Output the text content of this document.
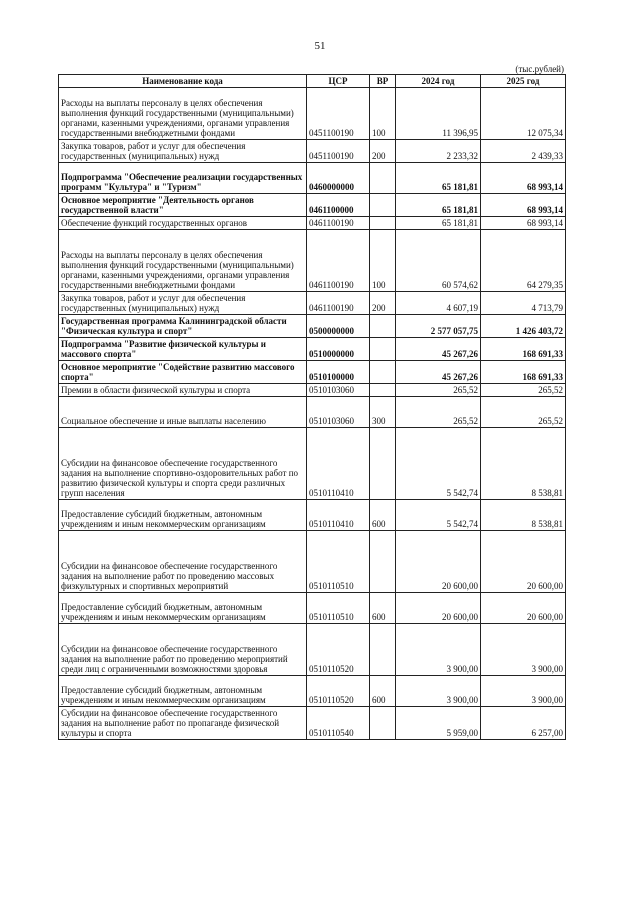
51
(тыс.рублей)
Наименование кода	ЦСР	ВР	2024 год	2025 год
Расходы на выплаты персоналу в целях обеспечения выполнения функций государственными (муниципальными) органами, казенными учреждениями, органами управления государственными внебюджетными фондами	0451100190	100	11 396,95	12 075,34
Закупка товаров, работ и услуг для обеспечения государственных (муниципальных) нужд	0451100190	200	2 233,32	2 439,33
Подпрограмма "Обеспечение реализации государственных программ "Культура" и "Туризм"	0460000000		65 181,81	68 993,14
Основное мероприятие "Деятельность органов государственной власти"	0461100000		65 181,81	68 993,14
Обеспечение функций государственных органов	0461100190		65 181,81	68 993,14
Расходы на выплаты персоналу в целях обеспечения выполнения функций государственными (муниципальными) органами, казенными учреждениями, органами управления государственными внебюджетными фондами	0461100190	100	60 574,62	64 279,35
Закупка товаров, работ и услуг для обеспечения государственных (муниципальных) нужд	0461100190	200	4 607,19	4 713,79
Государственная программа Калининградской области "Физическая культура и спорт"	0500000000		2 577 057,75	1 426 403,72
Подпрограмма "Развитие физической культуры и массового спорта"	0510000000		45 267,26	168 691,33
Основное мероприятие "Содействие развитию массового спорта"	0510100000		45 267,26	168 691,33
Премии в области физической культуры и спорта	0510103060		265,52	265,52
Социальное обеспечение и иные выплаты населению	0510103060	300	265,52	265,52
Субсидии на финансовое обеспечение государственного задания на выполнение спортивно-оздоровительных работ по развитию физической культуры и спорта среди различных групп населения	0510110410		5 542,74	8 538,81
Предоставление субсидий бюджетным, автономным учреждениям и иным некоммерческим организациям	0510110410	600	5 542,74	8 538,81
Субсидии на финансовое обеспечение государственного задания на выполнение работ по проведению массовых физкультурных и спортивных мероприятий	0510110510		20 600,00	20 600,00
Предоставление субсидий бюджетным, автономным учреждениям и иным некоммерческим организациям	0510110510	600	20 600,00	20 600,00
Субсидии на финансовое обеспечение государственного задания на выполнение работ по проведению мероприятий среди лиц с ограниченными возможностями здоровья	0510110520		3 900,00	3 900,00
Предоставление субсидий бюджетным, автономным учреждениям и иным некоммерческим организациям	0510110520	600	3 900,00	3 900,00
Субсидии на финансовое обеспечение государственного задания на выполнение работ по пропаганде физической культуры и спорта	0510110540		5 959,00	6 257,00
